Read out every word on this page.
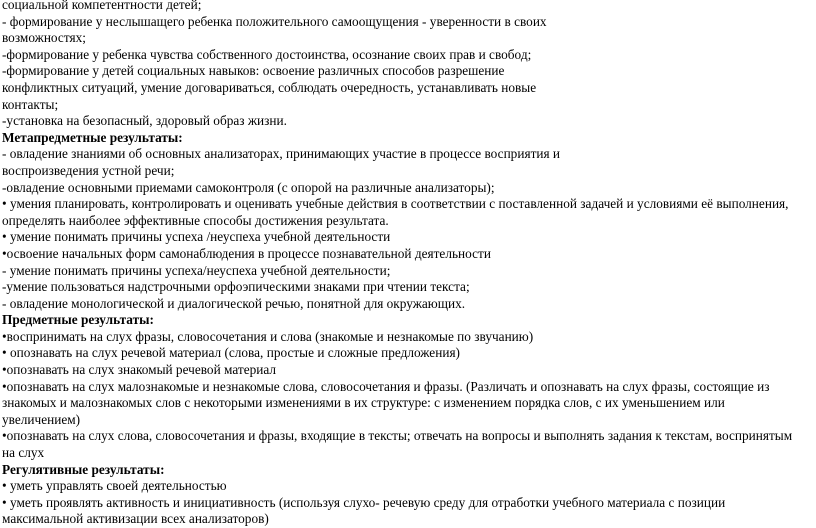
социальной компетентности детей;
- формирование у неслышащего ребенка положительного самоощущения - уверенности в своих
возможностях;
-формирование у ребенка чувства собственного достоинства, осознание своих прав и свобод;
-формирование у детей социальных навыков: освоение различных способов разрешение
конфликтных ситуаций, умение договариваться, соблюдать очередность, устанавливать новые
контакты;
-установка на безопасный, здоровый образ жизни.
Метапредметные результаты:
- овладение знаниями об основных анализаторах, принимающих участие в процессе восприятия и
воспроизведения устной речи;
-овладение основными приемами самоконтроля (с опорой на различные анализаторы);
• умения планировать, контролировать и оценивать учебные действия в соответствии с поставленной задачей и условиями её выполнения,
определять наиболее эффективные способы достижения результата.
• умение понимать причины успеха /неуспеха учебной деятельности
•освоение начальных форм самонаблюдения в процессе познавательной деятельности
- умение понимать причины успеха/неуспеха учебной деятельности;
-умение пользоваться надстрочными орфоэпическими знаками при чтении текста;
- овладение монологической и диалогической речью, понятной для окружающих.
Предметные результаты:
•воспринимать на слух фразы, словосочетания и слова (знакомые и незнакомые по звучанию)
• опознавать на слух речевой материал (слова, простые и сложные предложения)
•опознавать на слух знакомый речевой материал
•опознавать на слух малознакомые и незнакомые слова, словосочетания и фразы. (Различать и опознавать на слух фразы, состоящие из
знакомых и малознакомых слов с некоторыми изменениями в их структуре: с изменением порядка слов, с их уменьшением или
увеличением)
•опознавать на слух слова, словосочетания и фразы, входящие в тексты; отвечать на вопросы и выполнять задания к текстам, воспринятым
на слух
Регулятивные результаты:
• уметь управлять своей деятельностью
• уметь проявлять активность и инициативность (используя слухо- речевую среду для отработки учебного материала с позиции
максимальной активизации всех анализаторов)
